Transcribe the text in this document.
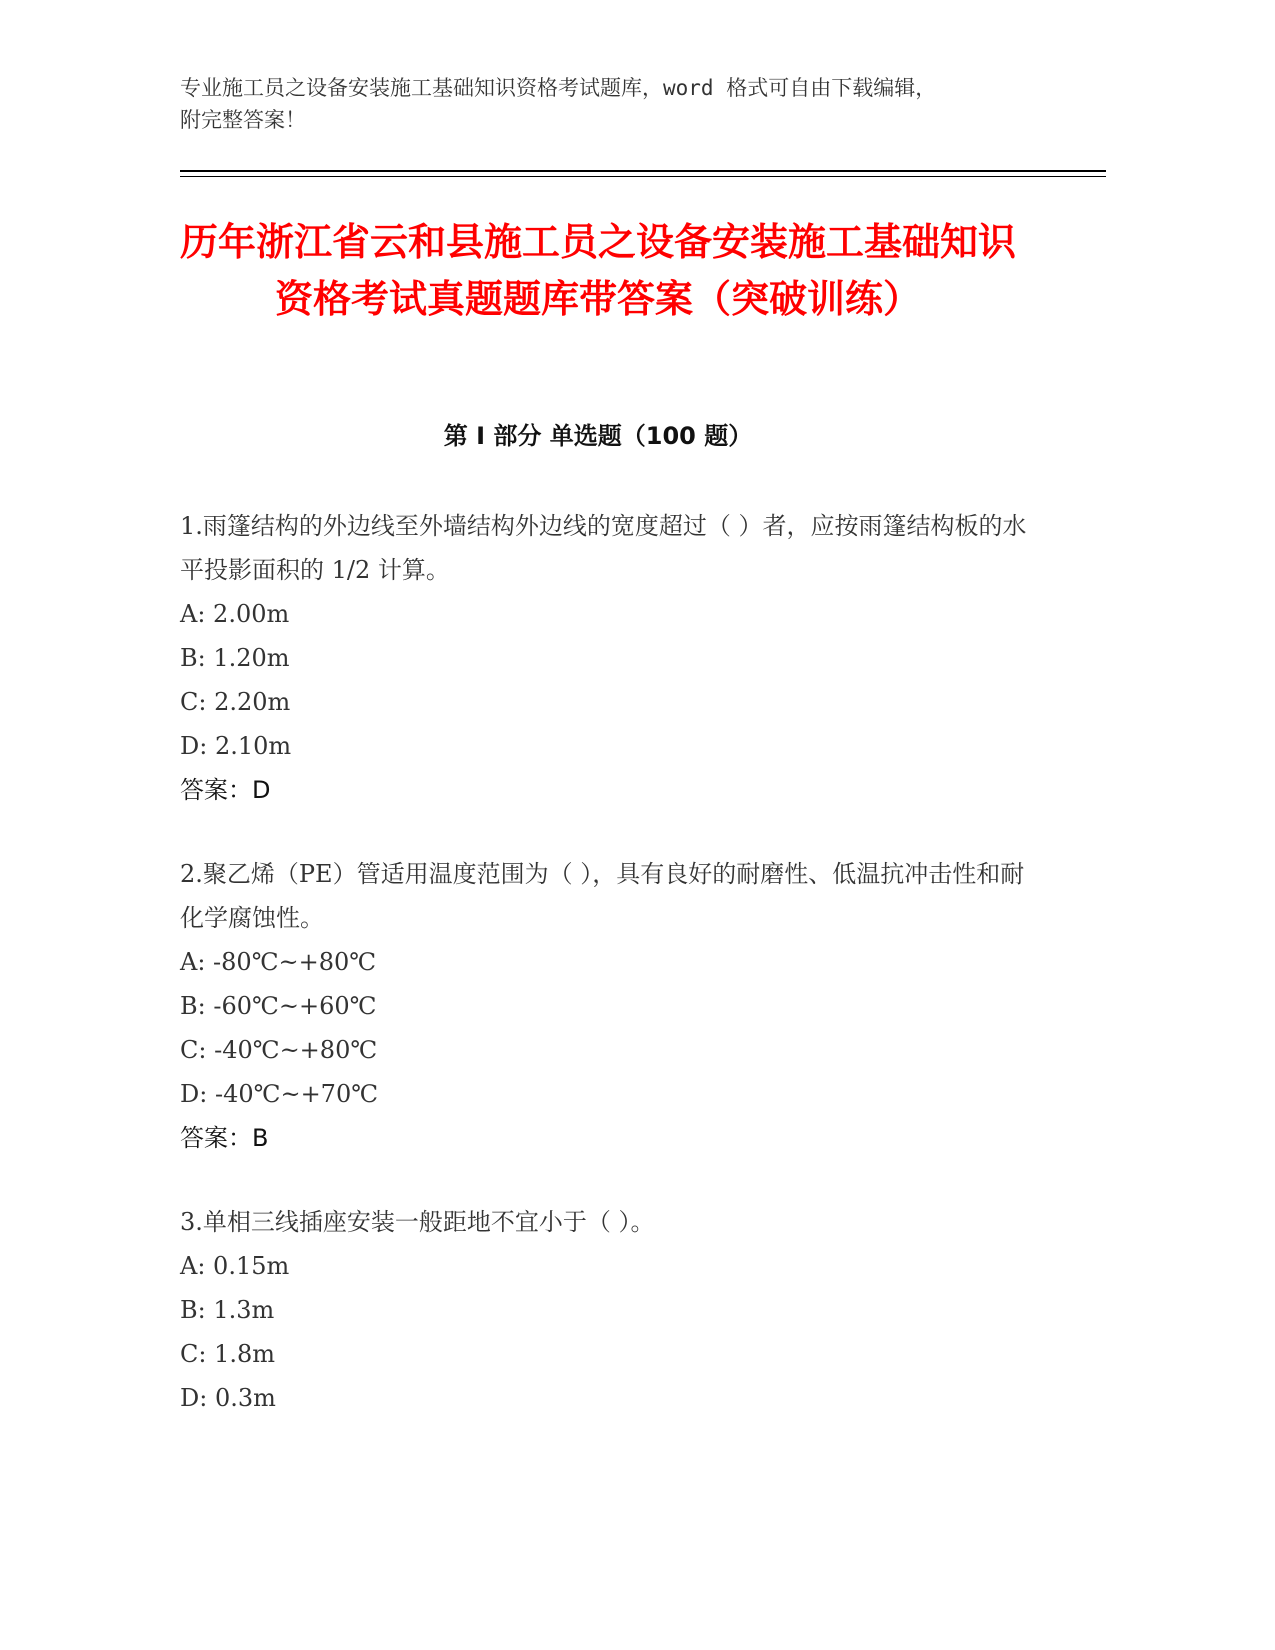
专业施工员之设备安装施工基础知识资格考试题库，word 格式可自由下载编辑，
附完整答案！
历年浙江省云和县施工员之设备安装施工基础知识资格考试真题题库带答案（突破训练）
第 I 部分 单选题（100 题）

1.雨篷结构的外边线至外墙结构外边线的宽度超过（ ）者，应按雨篷结构板的水平投影面积的 1/2 计算。

A: 2.00m

B: 1.20m

C: 2.20m

D: 2.10m

答案：D

2.聚乙烯（PE）管适用温度范围为（ ），具有良好的耐磨性、低温抗冲击性和耐化学腐蚀性。

A: -80℃~+80℃

B: -60℃~+60℃

C: -40℃~+80℃

D: -40℃~+70℃

答案：B

3.单相三线插座安装一般距地不宜小于（ ）。

A: 0.15m

B: 1.3m

C: 1.8m

D: 0.3m
